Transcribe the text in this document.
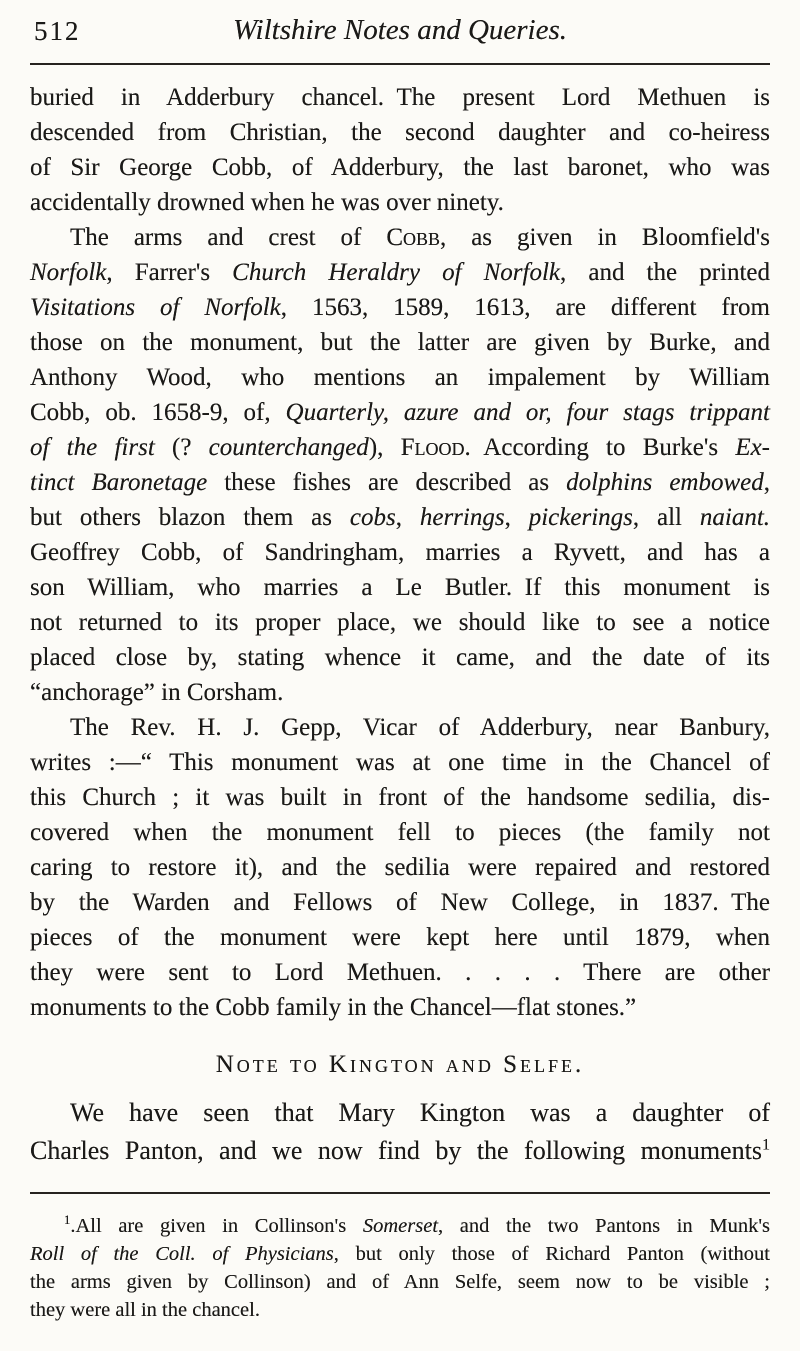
512	Wiltshire Notes and Queries.

buried in Adderbury chancel. The present Lord Methuen is
descended from Christian, the second daughter and co-heiress
of Sir George Cobb, of Adderbury, the last baronet, who was
accidentally drowned when he was over ninety.

The arms and crest of Cobb, as given in Bloomfield's
Norfolk, Farrer's Church Heraldry of Norfolk, and the printed
Visitations of Norfolk, 1563, 1589, 1613, are different from
those on the monument, but the latter are given by Burke, and
Anthony Wood, who mentions an impalement by William
Cobb, ob. 1658-9, of, Quarterly, azure and or, four stags trippant
of the first (? counterchanged), Flood. According to Burke's Ex-
tinct Baronetage these fishes are described as dolphins embowed,
but others blazon them as cobs, herrings, pickerings, all naiant.
Geoffrey Cobb, of Sandringham, marries a Ryvett, and has a
son William, who marries a Le Butler. If this monument is
not returned to its proper place, we should like to see a notice
placed close by, stating whence it came, and the date of its
“anchorage” in Corsham.

The Rev. H. J. Gepp, Vicar of Adderbury, near Banbury,
writes :—“ This monument was at one time in the Chancel of
this Church ; it was built in front of the handsome sedilia, dis-
covered when the monument fell to pieces (the family not
caring to restore it), and the sedilia were repaired and restored
by the Warden and Fellows of New College, in 1837. The
pieces of the monument were kept here until 1879, when
they were sent to Lord Methuen. . . . . There are other
monuments to the Cobb family in the Chancel—flat stones.”

Note to Kington and Selfe.

We have seen that Mary Kington was a daughter of
Charles Panton, and we now find by the following monuments$^1$

$^1$.All are given in Collinson's Somerset, and the two Pantons in Munk's
Roll of the Coll. of Physicians, but only those of Richard Panton (without
the arms given by Collinson) and of Ann Selfe, seem now to be visible ;
they were all in the chancel.
